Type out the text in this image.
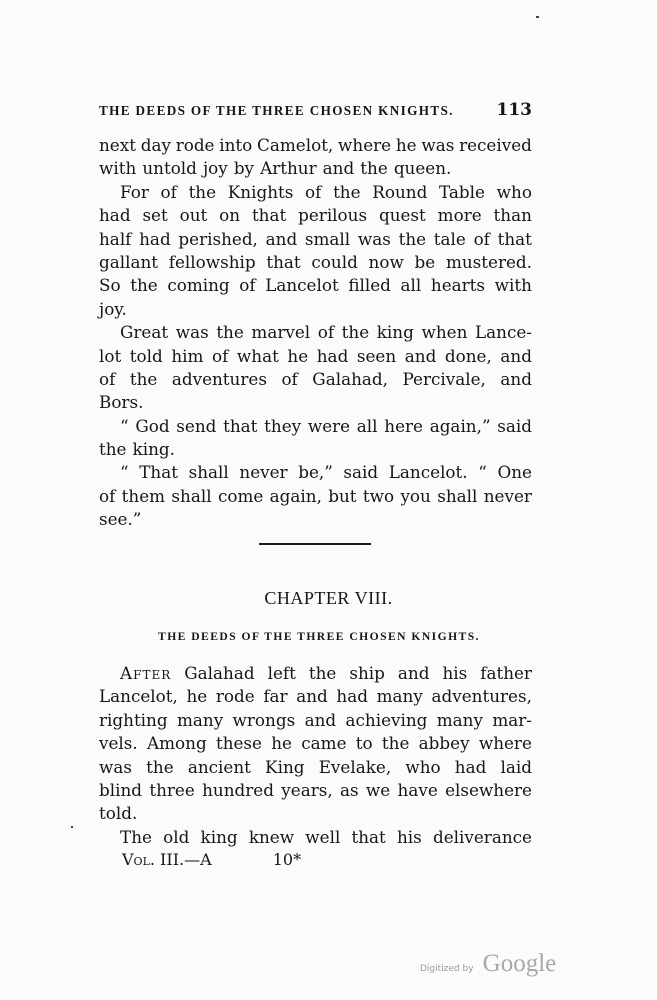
THE DEEDS OF THE THREE CHOSEN KNIGHTS.	113
next day rode into Camelot, where he was received
with untold joy by Arthur and the queen.
For of the Knights of the Round Table who
had set out on that perilous quest more than
half had perished, and small was the tale of that
gallant fellowship that could now be mustered.
So the coming of Lancelot filled all hearts with
joy.
Great was the marvel of the king when Lance-
lot told him of what he had seen and done, and
of the adventures of Galahad, Percivale, and
Bors.
“ God send that they were all here again,” said
the king.
“ That shall never be,” said Lancelot. “ One
of them shall come again, but two you shall never
see.”
CHAPTER VIII.
THE DEEDS OF THE THREE CHOSEN KNIGHTS.
After Galahad left the ship and his father
Lancelot, he rode far and had many adventures,
righting many wrongs and achieving many mar-
vels. Among these he came to the abbey where
was the ancient King Evelake, who had laid
blind three hundred years, as we have elsewhere
told.
The old king knew well that his deliverance
Vol. III.—A	10*
Digitized by Google
